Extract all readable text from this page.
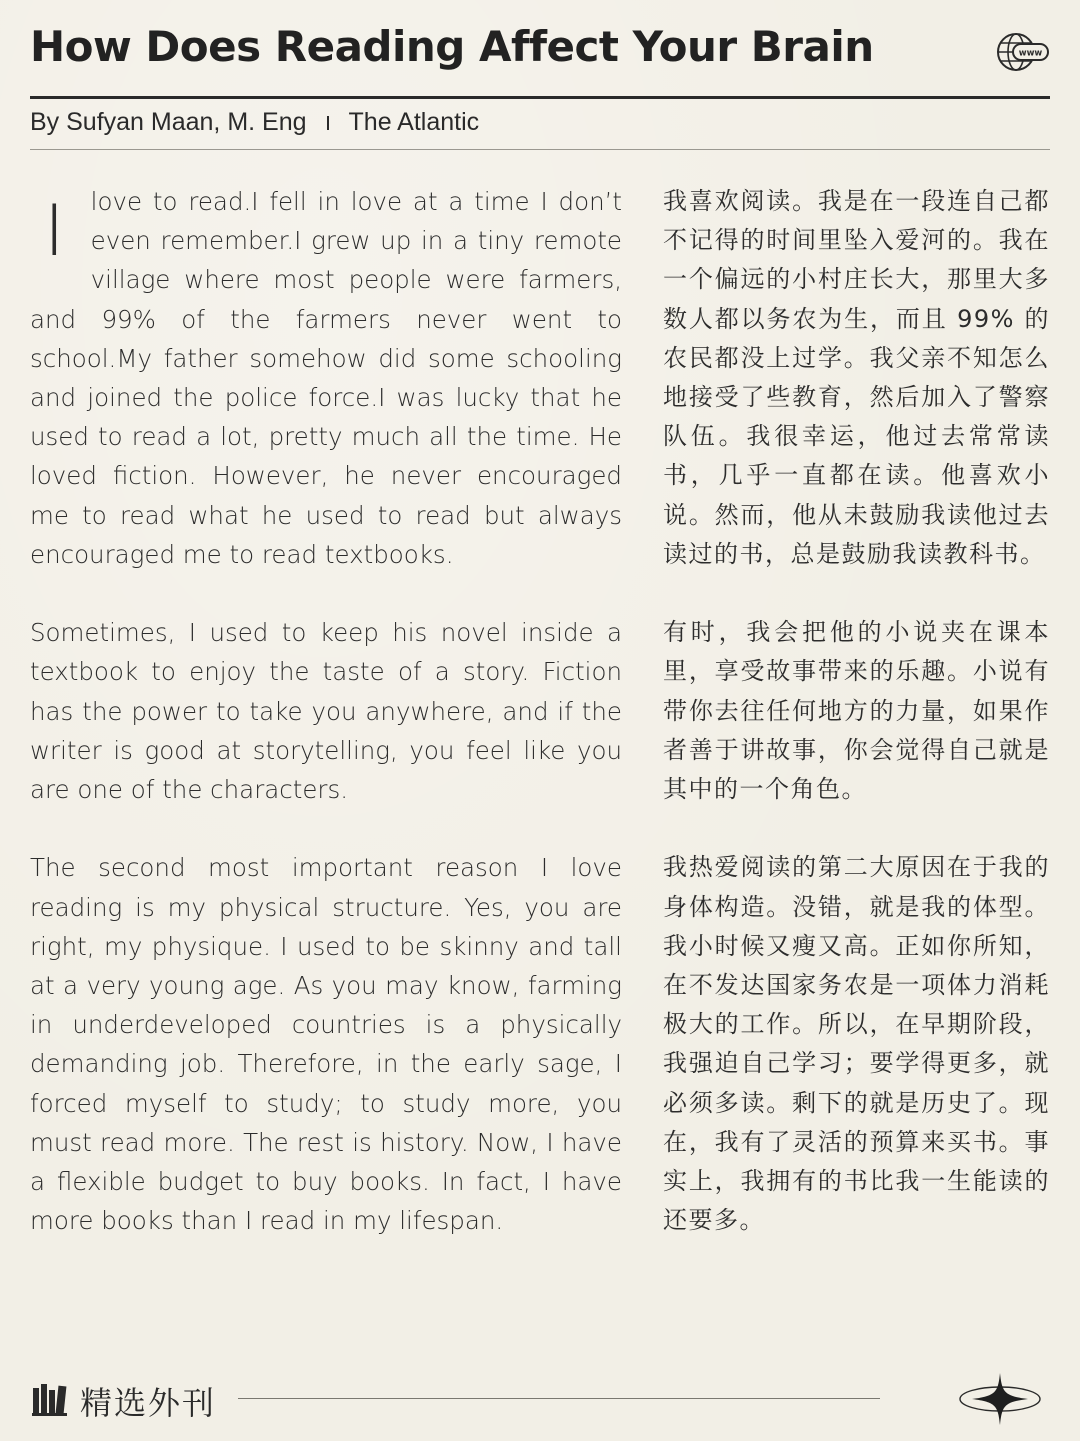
How Does Reading Affect Your Brain	www
By Sufyan Maan, M. Eng The Atlantic

I love to read.I fell in love at a time I don’t even remember.I grew up in a tiny remote village where most people were farmers, and 99% of the farmers never went to school.My father somehow did some schooling and joined the police force.I was lucky that he used to read a lot, pretty much all the time. He loved fiction. However, he never encouraged me to read what he used to read but always encouraged me to read textbooks.

Sometimes, I used to keep his novel inside a textbook to enjoy the taste of a story. Fiction has the power to take you anywhere, and if the writer is good at storytelling, you feel like you are one of the characters.

The second most important reason I love reading is my physical structure. Yes, you are right, my physique. I used to be skinny and tall at a very young age. As you may know, farming in underdeveloped countries is a physically demanding job. Therefore, in the early sage, I forced myself to study; to study more, you must read more. The rest is history. Now, I have a flexible budget to buy books. In fact, I have more books than I read in my lifespan.

我喜欢阅读。我是在一段连自己都不记得的时间里坠入爱河的。我在一个偏远的小村庄长大，那里大多数人都以务农为生，而且 99% 的农民都没上过学。我父亲不知怎么地接受了些教育，然后加入了警察队伍。我很幸运，他过去常常读书，几乎一直都在读。他喜欢小说。然而，他从未鼓励我读他过去读过的书，总是鼓励我读教科书。

有时，我会把他的小说夹在课本里，享受故事带来的乐趣。小说有带你去往任何地方的力量，如果作者善于讲故事，你会觉得自己就是其中的一个角色。

我热爱阅读的第二大原因在于我的身体构造。没错，就是我的体型。我小时候又瘦又高。正如你所知，在不发达国家务农是一项体力消耗极大的工作。所以，在早期阶段，我强迫自己学习；要学得更多，就必须多读。剩下的就是历史了。现在，我有了灵活的预算来买书。事实上，我拥有的书比我一生能读的还要多。

精选外刊
